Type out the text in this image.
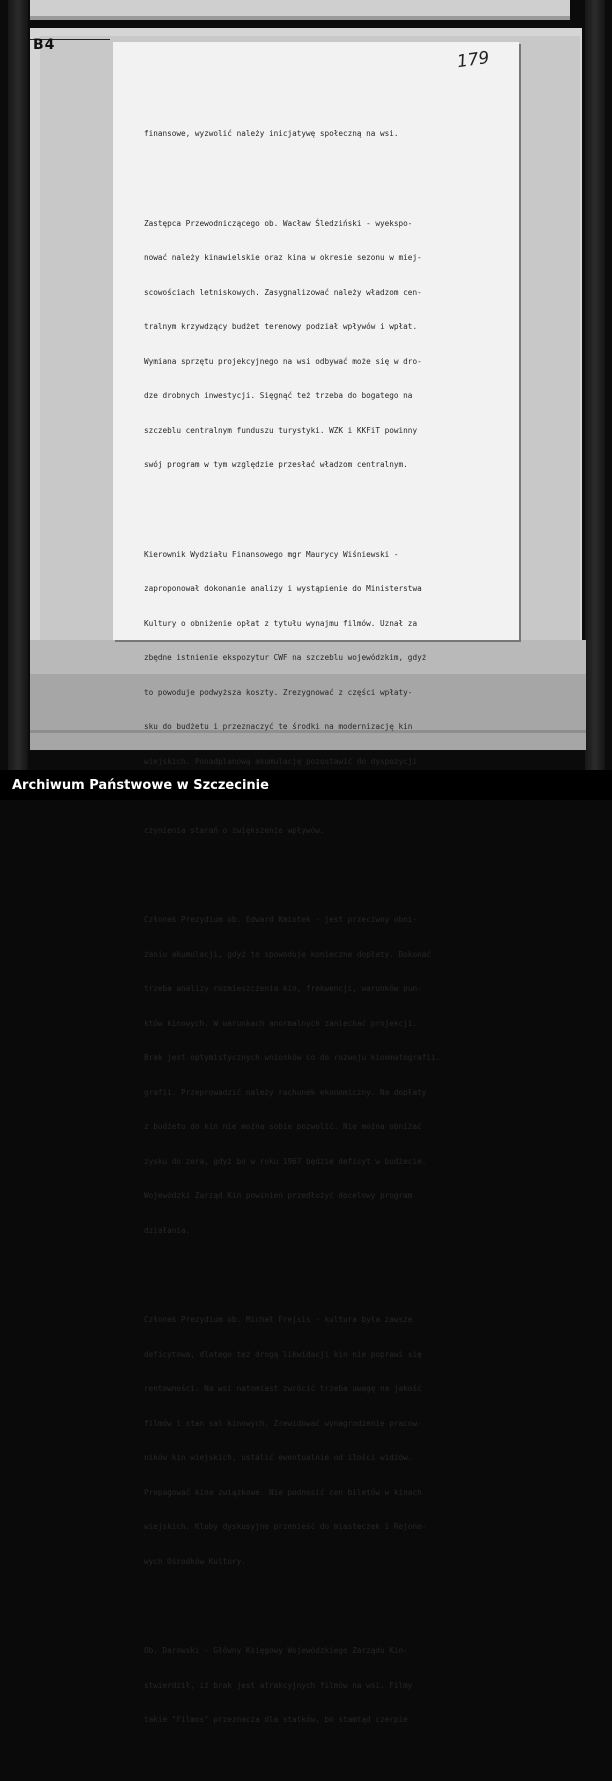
B4
179

finansowe, wyzwolić należy inicjatywę społeczną na wsi.

Zastępca Przewodniczącego ob. Wacław Śledziński - wyekspo-

nować należy kinawielskie oraz kina w okresie sezonu w miej-

scowościach letniskowych. Zasygnalizować należy władzom cen-

tralnym krzywdzący budżet terenowy podział wpływów i wpłat.

Wymiana sprzętu projekcyjnego na wsi odbywać może się w dro-

dze drobnych inwestycji. Sięgnąć też trzeba do bogatego na

szczeblu centralnym funduszu turystyki. WZK i KKFiT powinny

swój program w tym względzie przesłać władzom centralnym.

Kierownik Wydziału Finansowego mgr Maurycy Wiśniewski -

zaproponował dokonanie analizy i wystąpienie do Ministerstwa

Kultury o obniżenie opłat z tytułu wynajmu filmów. Uznał za

zbędne istnienie ekspozytur CWF na szczeblu wojewódzkim, gdyż

to powoduje podwyższa koszty. Zrezygnować z części wpłaty-

sku do budżetu i przeznaczyć te środki na modernizację kin

wiejskich. Ponadplanową akumulację pozostawić do dyspozycji

czynienia starań o zwiększenie wpływów.

Członek Prezydium ob. Edward Kmiotek - jest przeciwny obni-

żaniu akumulacji, gdyż to spowoduje konieczne dopłaty. Dokonać

trzeba analizy rozmieszczenia kin, frekwencji, warunków pun-

któw kinowych. W warunkach anormalnych zaniechać projekcji.

Brak jest optymistycznych wniosków co do rozwoju kinematografii.

grafii. Przeprowadzić należy rachunek ekonomiczny. Na dopłaty

z budżetu do kin nie można sobie pozwolić. Nie można obniżać

zysku do zera, gdyż bo w roku 1967 będzie deficyt w budżecie.

Wojewódzki Zarząd Kin powinien przedłożyć docelowy program

działania.

Członek Prezydium ob. Michał Frejsis - kultura była zawsze

deficytowa, dlatego też drogą likwidacji kin nie poprawi się

rentowności. Na wsi natomiast zwrócić trzeba uwagę na jakość

filmów i stan sal kinowych. Zrewidować wynagrodzenie pracow-

ników kin wiejskich, ustalić ewentualnie od ilości widzów.

Propagować kina związkowe. Nie podnosić cen biletów w kinach

wiejskich. Kluby dyskusyjne przenieść do miasteczek i Rejono-

wych Ośrodków Kultury.

Ob. Darowski - Główny Księgowy Wojewódzkiego Zarządu Kin-

stwierdził, iż brak jest atrakcyjnych filmów na wsi. Filmy

takie "Filmos" przeznacza dla statków, bo stamtąd czerpie

Archiwum Państwowe w Szczecinie
